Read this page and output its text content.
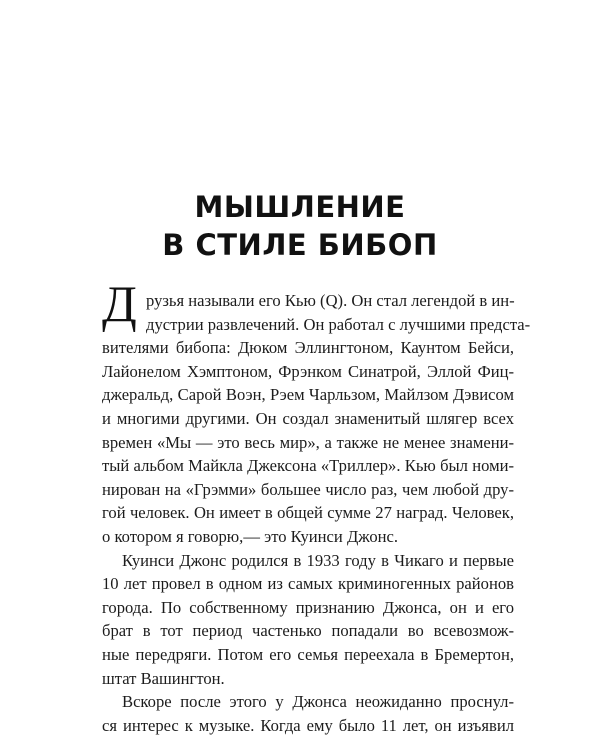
МЫШЛЕНИЕ
В СТИЛЕ БИБОП
Д рузья называли его Кью (Q). Он стал легендой в ин-
дустрии развлечений. Он работал с лучшими предста-
вителями бибопа: Дюком Эллингтоном, Каунтом Бейси,
Лайонелом Хэмптоном, Фрэнком Синатрой, Эллой Фиц-
джеральд, Сарой Воэн, Рэем Чарльзом, Майлзом Дэвисом
и многими другими. Он создал знаменитый шлягер всех
времен «Мы — это весь мир», а также не менее знамени-
тый альбом Майкла Джексона «Триллер». Кью был номи-
нирован на «Грэмми» большее число раз, чем любой дру-
гой человек. Он имеет в общей сумме 27 наград. Человек,
о котором я говорю,— это Куинси Джонс.
Куинси Джонс родился в 1933 году в Чикаго и первые
10 лет провел в одном из самых криминогенных районов
города. По собственному признанию Джонса, он и его
брат в тот период частенько попадали во всевозмож-
ные передряги. Потом его семья переехала в Бремертон,
штат Вашингтон.
Вскоре после этого у Джонса неожиданно проснул-
ся интерес к музыке. Когда ему было 11 лет, он изъявил
